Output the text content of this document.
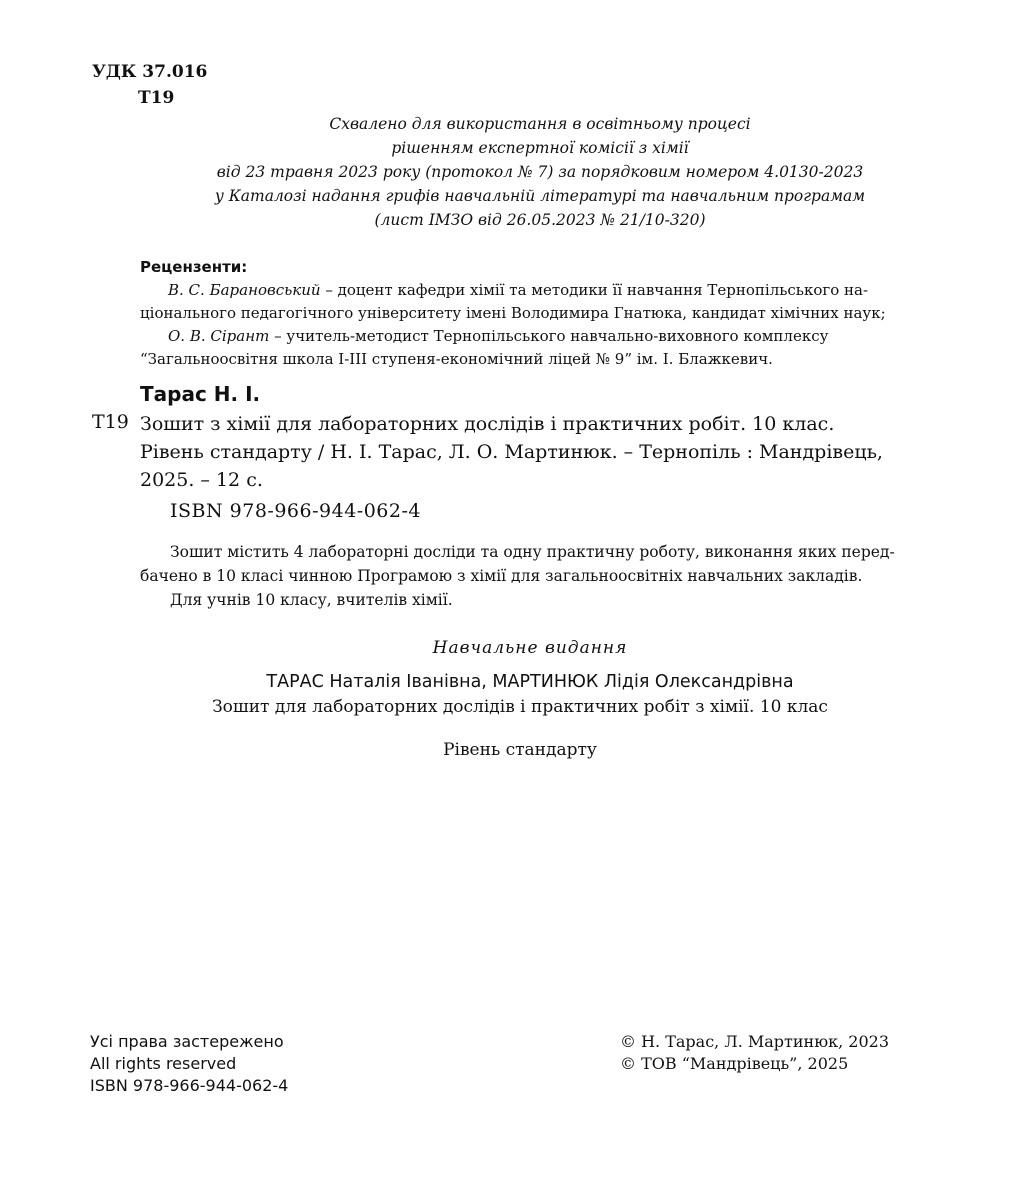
УДК 37.016
Т19
Схвалено для використання в освітньому процесі
рішенням експертної комісії з хімії
від 23 травня 2023 року (протокол № 7) за порядковим номером 4.0130-2023
у Каталозі надання грифів навчальній літературі та навчальним програмам
(лист ІМЗО від 26.05.2023 № 21/10-320)
Рецензенти:
В. С. Барановський – доцент кафедри хімії та методики її навчання Тернопільського на-
ціонального педагогічного університету імені Володимира Гнатюка, кандидат хімічних наук;
О. В. Сірант – учитель-методист Тернопільського навчально-виховного комплексу
“Загальноосвітня школа І-ІІІ ступеня-економічний ліцей № 9” ім. І. Блажкевич.
Тарас Н. І.
Т19 Зошит з хімії для лабораторних дослідів і практичних робіт. 10 клас.
Рівень стандарту / Н. І. Тарас, Л. О. Мартинюк. – Тернопіль : Мандрівець,
2025. – 12 с.
ISBN 978-966-944-062-4
Зошит містить 4 лабораторні досліди та одну практичну роботу, виконання яких перед-
бачено в 10 класі чинною Програмою з хімії для загальноосвітніх навчальних закладів.
Для учнів 10 класу, вчителів хімії.
Навчальне видання
ТАРАС Наталія Іванівна, МАРТИНЮК Лідія Олександрівна
Зошит для лабораторних дослідів і практичних робіт з хімії. 10 клас
Рівень стандарту
Усі права застережено
All rights reserved
ISBN 978-966-944-062-4
© Н. Тарас, Л. Мартинюк, 2023
© ТОВ “Мандрівець”, 2025
